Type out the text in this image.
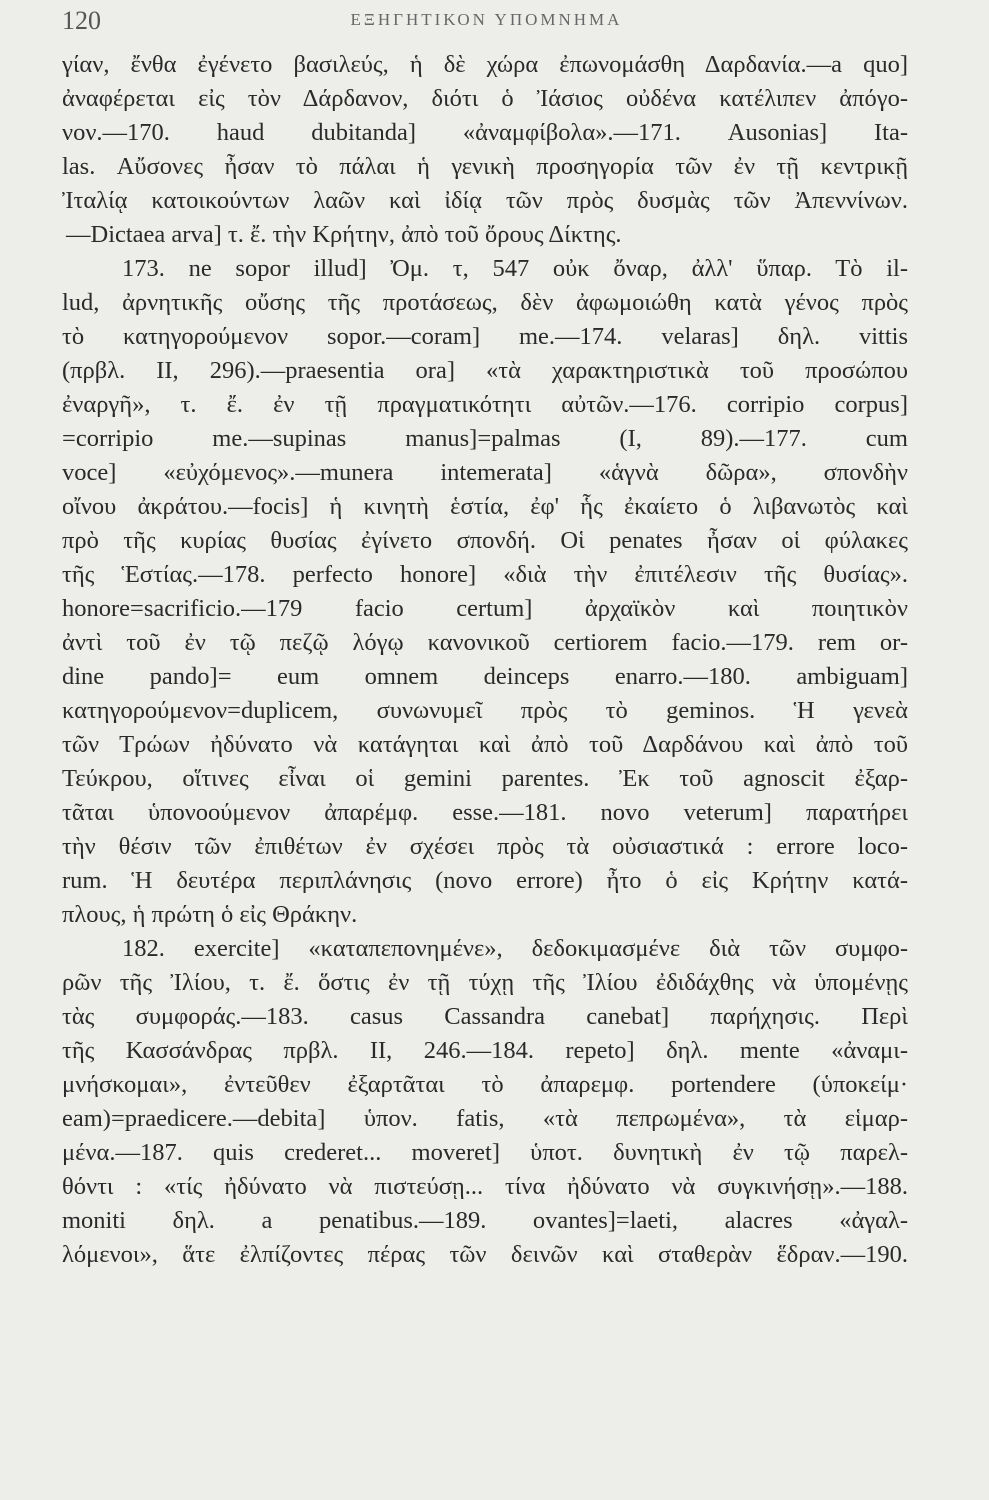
120	ΕΞΗΓΗΤΙΚΟΝ ΥΠΟΜΝΗΜΑ
γίαν, ἔνθα ἐγένετο βασιλεύς, ἡ δὲ χώρα ἐπωνομάσθη Δαρδανία.—a quo]
ἀναφέρεται εἰς τὸν Δάρδανον, διότι ὁ Ἰάσιος οὐδένα κατέλιπεν ἀπόγο-
νον.—170. haud dubitanda] «ἀναμφίβολα».—171. Ausonias] Ita-
las. Αὔσονες ἦσαν τὸ πάλαι ἡ γενικὴ προσηγορία τῶν ἐν τῇ κεντρικῇ
Ἰταλίᾳ κατοικούντων λαῶν καὶ ἰδίᾳ τῶν πρὸς δυσμὰς τῶν Ἀπεννίνων.
—Dictaea arva] τ. ἔ. τὴν Κρήτην, ἀπὸ τοῦ ὄρους Δίκτης.
173. ne sopor illud] Ὀμ. τ, 547 οὐκ ὄναρ, ἀλλ' ὕπαρ. Τὸ il-
lud, ἀρνητικῆς οὔσης τῆς προτάσεως, δὲν ἀφωμοιώθη κατὰ γένος πρὸς
τὸ κατηγορούμενον sopor.—coram] me.—174. velaras] δηλ. vittis
(πρβλ. II, 296).—praesentia ora] «τὰ χαρακτηριστικὰ τοῦ προσώπου
ἐναργῆ», τ. ἔ. ἐν τῇ πραγματικότητι αὐτῶν.—176. corripio corpus]
=corripio me.—supinas manus]=palmas (I, 89).—177. cum
voce] «εὐχόμενος».—munera intemerata] «ἁγνὰ δῶρα», σπονδὴν
οἴνου ἀκράτου.—focis] ἡ κινητὴ ἑστία, ἐφ' ἧς ἐκαίετο ὁ λιβανωτὸς καὶ
πρὸ τῆς κυρίας θυσίας ἐγίνετο σπονδή. Οἱ penates ἦσαν οἱ φύλακες
τῆς Ἑστίας.—178. perfecto honore] «διὰ τὴν ἐπιτέλεσιν τῆς θυσίας».
honore=sacrificio.—179 facio certum] ἀρχαϊκὸν καὶ ποιητικὸν
ἀντὶ τοῦ ἐν τῷ πεζῷ λόγῳ κανονικοῦ certiorem facio.—179. rem or-
dine pando]= eum omnem deinceps enarro.—180. ambiguam]
κατηγορούμενον=duplicem, συνωνυμεῖ πρὸς τὸ geminos. Ἡ γενεὰ
τῶν Τρώων ἠδύνατο νὰ κατάγηται καὶ ἀπὸ τοῦ Δαρδάνου καὶ ἀπὸ τοῦ
Τεύκρου, οἵτινες εἶναι οἱ gemini parentes. Ἐκ τοῦ agnoscit ἐξαρ-
τᾶται ὑπονοούμενον ἀπαρέμφ. esse.—181. novo veterum] παρατήρει
τὴν θέσιν τῶν ἐπιθέτων ἐν σχέσει πρὸς τὰ οὐσιαστικά : errore loco-
rum. Ἡ δευτέρα περιπλάνησις (novo errore) ἦτο ὁ εἰς Κρήτην κατά-
πλους, ἡ πρώτη ὁ εἰς Θράκην.
182. exercite] «καταπεπονημένε», δεδοκιμασμένε διὰ τῶν συμφο-
ρῶν τῆς Ἰλίου, τ. ἔ. ὅστις ἐν τῇ τύχῃ τῆς Ἰλίου ἐδιδάχθης νὰ ὑπομένῃς
τὰς συμφοράς.—183. casus Cassandra canebat] παρήχησις. Περὶ
τῆς Κασσάνδρας πρβλ. II, 246.—184. repeto] δηλ. mente «ἀναμι-
μνήσκομαι», ἐντεῦθεν ἐξαρτᾶται τὸ ἀπαρεμφ. portendere (ὑποκείμ·
eam)=praedicere.—debita] ὑπον. fatis, «τὰ πεπρωμένα», τὰ εἱμαρ-
μένα.—187. quis crederet... moveret] ὑποτ. δυνητικὴ ἐν τῷ παρελ-
θόντι : «τίς ἠδύνατο νὰ πιστεύσῃ... τίνα ἠδύνατο νὰ συγκινήσῃ».—188.
moniti δηλ. a penatibus.—189. ovantes]=laeti, alacres «ἀγαλ-
λόμενοι», ἅτε ἐλπίζοντες πέρας τῶν δεινῶν καὶ σταθερὰν ἕδραν.—190.
